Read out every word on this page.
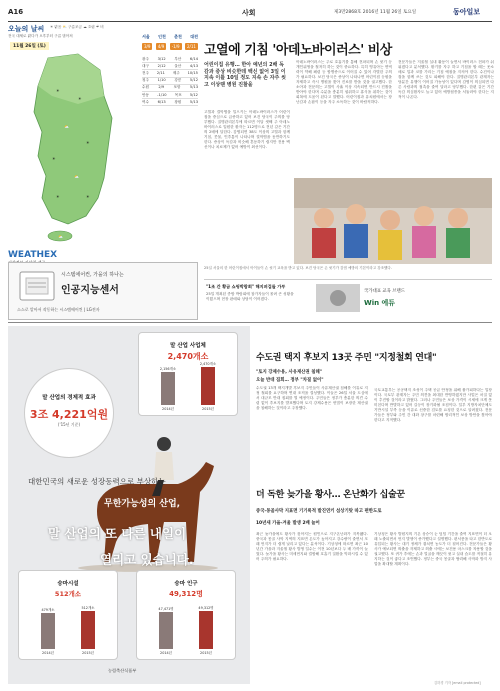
A16	사회	제3만2868호 2016년 11월 26일 토요일	동아일보
오늘의 날씨 ☀ 맑음 ⛅ 구름조금 ☁ 흐림 ☔ 비
전국 대체로 맑다가 오후부터 구름 많아져
11월 26일 (토)
☀
☀
⛅
☀
☀
⛅
☀	☀
⛅
서울 인천 춘천 대전
3/9	4/9	-1/9	2/11
광주 3/12 부산 6/14
대구 2/12 울산 4/13
전주 2/11 제주 10/15
청주 1/10 강릉 5/12
수원	2/9	포항	5/13
안동 -1/10 목포 5/12
여수 6/13 창원 5/13
WEATHEX
고열에 기침 '아데노바이러스' 비상
어린이집 유행… 한아 예년의 2배 독감과 증상 비슷한데 백신 없어 3일 이지속 이틀 10일 정도 지속 손 자주 씻고 이상땐 병원 진찰을
고열과 결막염을 일으키는 아데노바이러스가 어린이집을 중심으로 급증하고 있어 보건 당국이 주의를 당부했다. 질병관리본부에 따르면 이달 셋째 주 아데노바이러스로 입원한 환자는 112명으로 전년 같은 기간의 2배에 달한다. 감염되면 38도 이상의 고열과 함께 기침, 콧물, 인후통이 나타나며 결막염을 동반하기도 한다. 증상이 독감과 비슷해 혼동하기 쉽지만 전용 백신이나 치료제가 없어 예방이 최선이다.
아데노바이러스는 주로 호흡기를 통해 전파되며 손 씻기 등 개인위생을 철저히 하는 것이 중요하다. 특히 영유아는 면역력이 약해 폐렴 등 합병증으로 이어질 수 있어 각별한 주의가 필요하다. 보건 당국은 증상이 나타나면 어린이집 등원을 자제하고 즉시 병원을 찾아 진료를 받을 것을 권고했다. 한 소아과 전문의는 고열이 사흘 이상 지속되면 반드시 진찰을 받아야 한다며 수분을 충분히 섭취하고 휴식을 취하는 것이 회복에 도움이 된다고 말했다. 어린이집과 유치원에서는 장난감과 손잡이 등을 자주 소독하는 것이 바람직하다.
전문가들은 겨울철 실내 활동이 늘면서 바이러스 전파가 쉬워졌다고 분석했다. 환기를 자주 하고 기침을 할 때는 옷소매로 입과 코를 가리는 기침 예절을 지켜야 한다. 수건이나 컵을 함께 쓰는 것도 피해야 한다. 질병관리본부 관계자는 당분간 유행이 이어질 가능성이 있다며 감염이 의심되면 다른 사람과의 접촉을 줄여 달라고 당부했다. 한편 같은 기간 독감 의심환자도 늘고 있어 예방접종을 서둘러야 한다는 지적이 나온다.
25일 서울의 한 어린이집에서 아이들이 손 씻기 교육을 받고 있다. 보건 당국은 손 씻기가 감염 예방의 기본이라고 강조했다.
시스템에어컨, 가을의 하나는
인공지능센서
스스로 알아서 작동하는 시스템에어컨 | LG전자
"1조 간 황금 쇼핑박람회" 해지퍼겁들 가부
25일 개최된 종합 박람회에 참가자들이 몰려 큰 성황을 이뤘으며 현장 판매와 상담이 이어졌다.
국가대표 교육 브랜드
Win 에듀
말 산업의 경제적 효과
3조 4,221억원
('15년 기준)
말 산업 사업체
2,470개소
2,156개소
2014년
2,470개소
2015년
대한민국의 새로운 성장동력으로 부상하는
무한가능성의 산업,
말 산업의 또 다른 내일이
열리고 있습니다.
승마시설
512개소
479개소
2014년
512개소
2015년
승마 인구
49,312명
47,471명
2014년
49,312명
2015년
농림축산식품부
수도권 택지 후보지 13곳 주민 "지정철회 연대"
"토지 강제수용, 사유재산권 침해"
오늘 반대 집회… 정부 "차질 없이"
수도권 13개 택지개발 후보지 주민들이 사유재산권 침해를 이유로 지정 철회를 요구하며 연대 조직을 결성했다. 이들은 26일 서울 도심에서 대규모 반대 집회를 열 예정이다. 주민들은 정부가 충분한 의견 수렴 없이 후보지를 발표했다며 토지 강제수용은 헌법이 보장한 재산권을 침해하는 것이라고 주장했다.
국토교통부는 공공택지 조성이 주택 공급 안정을 위해 불가피하다는 입장이다. 국토부 관계자는 주민 의견을 최대한 반영하겠지만 사업은 차질 없이 추진할 것이라고 밝혔다. 그러나 주민들은 보상 가격이 시세에 크게 못 미친다며 반발하고 있어 갈등이 장기화될 조짐이다. 일부 지방자치단체도 기반시설 부족 등을 이유로 신중한 검토를 요청한 것으로 알려졌다. 전문가들은 정부와 주민 간 대화 창구를 마련해 합리적인 보상 방안을 찾아야 한다고 지적했다.
더 독한 늦가을 황사… 온난화가 십술꾼
중국-몽골사막 지표면 기기록적 발진연키 섬상기탓 따고 편한도로
10년새 가을-겨울 발생 2배 늘어
최근 늦가을에도 황사가 잦아지는 원인으로 지구온난화가 지목됐다. 중국과 몽골 사막 지역의 지표면 온도가 높아지고 강수량이 줄면서 모래 먼지가 더 쉽게 날리고 있다는 분석이다. 기상청에 따르면 최근 10년간 가을과 겨울철 황사 발생 일수는 이전 10년보다 두 배 가까이 늘었다. 늦가을 황사는 미세먼지와 결합해 호흡기 질환을 악화시킬 수 있어 주의가 필요하다.
기상청은 황사 발원지의 기온 상승이 눈 덮임 기간을 줄여 지표면이 더 오래 노출되면서 먼지 발생이 증가했다고 설명했다. 편서풍을 타고 한반도로 유입되는 황사는 대기 정체가 겹치면 농도가 더 짙어진다. 전문가들은 황사가 예보되면 외출을 자제하고 외출 시에는 보건용 마스크를 착용할 것을 권고했다. 또 귀가 후에는 손과 얼굴을 깨끗이 씻고 실내 습도를 적절히 유지하는 것이 좋다고 조언했다. 정부는 중국 몽골과 협력해 사막화 방지 사업을 확대할 계획이다.
김하경 기자 [email protected]
